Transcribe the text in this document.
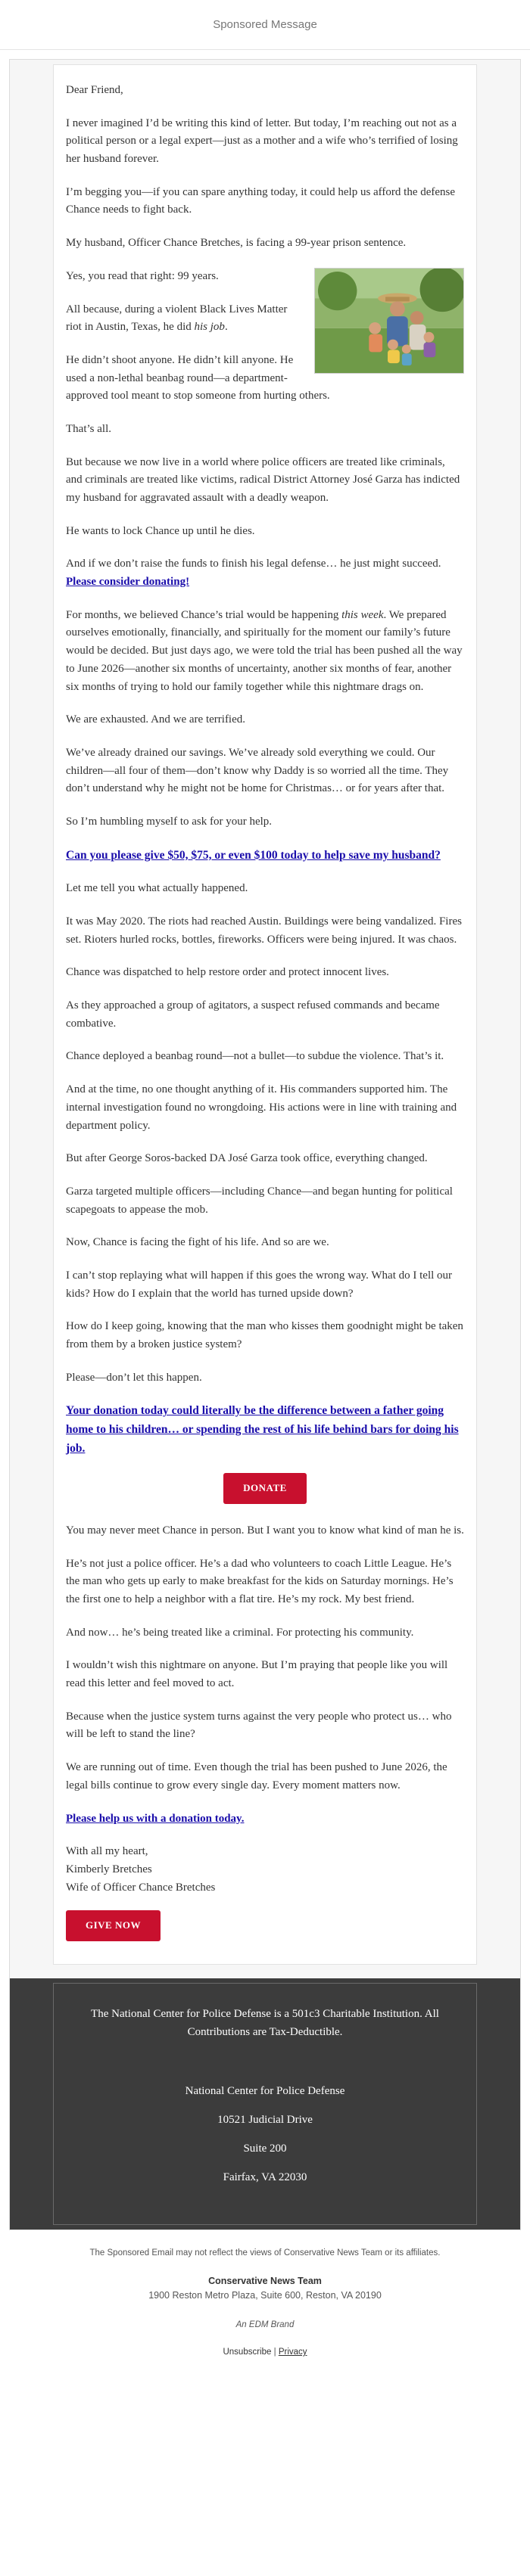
Sponsored Message

Dear Friend,

I never imagined I’d be writing this kind of letter. But today, I’m reaching out not as a political person or a legal expert—just as a mother and a wife who’s terrified of losing her husband forever.

I’m begging you—if you can spare anything today, it could help us afford the defense Chance needs to fight back.

My husband, Officer Chance Bretches, is facing a 99-year prison sentence.

Yes, you read that right: 99 years.

All because, during a violent Black Lives Matter riot in Austin, Texas, he did his job.

He didn’t shoot anyone. He didn’t kill anyone. He used a non-lethal beanbag round—a department-approved tool meant to stop someone from hurting others.

That’s all.

But because we now live in a world where police officers are treated like criminals, and criminals are treated like victims, radical District Attorney José Garza has indicted my husband for aggravated assault with a deadly weapon.

He wants to lock Chance up until he dies.

And if we don’t raise the funds to finish his legal defense… he just might succeed. Please consider donating!

For months, we believed Chance’s trial would be happening this week. We prepared ourselves emotionally, financially, and spiritually for the moment our family’s future would be decided. But just days ago, we were told the trial has been pushed all the way to June 2026—another six months of uncertainty, another six months of fear, another six months of trying to hold our family together while this nightmare drags on.

We are exhausted. And we are terrified.

We’ve already drained our savings. We’ve already sold everything we could. Our children—all four of them—don’t know why Daddy is so worried all the time. They don’t understand why he might not be home for Christmas… or for years after that.

So I’m humbling myself to ask for your help.

Can you please give $50, $75, or even $100 today to help save my husband?

Let me tell you what actually happened.

It was May 2020. The riots had reached Austin. Buildings were being vandalized. Fires set. Rioters hurled rocks, bottles, fireworks. Officers were being injured. It was chaos.

Chance was dispatched to help restore order and protect innocent lives.

As they approached a group of agitators, a suspect refused commands and became combative.

Chance deployed a beanbag round—not a bullet—to subdue the violence. That’s it.

And at the time, no one thought anything of it. His commanders supported him. The internal investigation found no wrongdoing. His actions were in line with training and department policy.

But after George Soros-backed DA José Garza took office, everything changed.

Garza targeted multiple officers—including Chance—and began hunting for political scapegoats to appease the mob.

Now, Chance is facing the fight of his life. And so are we.

I can’t stop replaying what will happen if this goes the wrong way. What do I tell our kids? How do I explain that the world has turned upside down?

How do I keep going, knowing that the man who kisses them goodnight might be taken from them by a broken justice system?

Please—don’t let this happen.

Your donation today could literally be the difference between a father going home to his children… or spending the rest of his life behind bars for doing his job.

DONATE

You may never meet Chance in person. But I want you to know what kind of man he is.

He’s not just a police officer. He’s a dad who volunteers to coach Little League. He’s the man who gets up early to make breakfast for the kids on Saturday mornings. He’s the first one to help a neighbor with a flat tire. He’s my rock. My best friend.

And now… he’s being treated like a criminal. For protecting his community.

I wouldn’t wish this nightmare on anyone. But I’m praying that people like you will read this letter and feel moved to act.

Because when the justice system turns against the very people who protect us… who will be left to stand the line?

We are running out of time. Even though the trial has been pushed to June 2026, the legal bills continue to grow every single day. Every moment matters now.

Please help us with a donation today.

With all my heart,

Kimberly Bretches

Wife of Officer Chance Bretches

GIVE NOW

The National Center for Police Defense is a 501c3 Charitable Institution. All Contributions are Tax-Deductible.

National Center for Police Defense

10521 Judicial Drive

Suite 200

Fairfax, VA 22030

The Sponsored Email may not reflect the views of Conservative News Team or its affiliates.
Conservative News Team
1900 Reston Metro Plaza, Suite 600, Reston, VA 20190
An EDM Brand
Unsubscribe | Privacy
